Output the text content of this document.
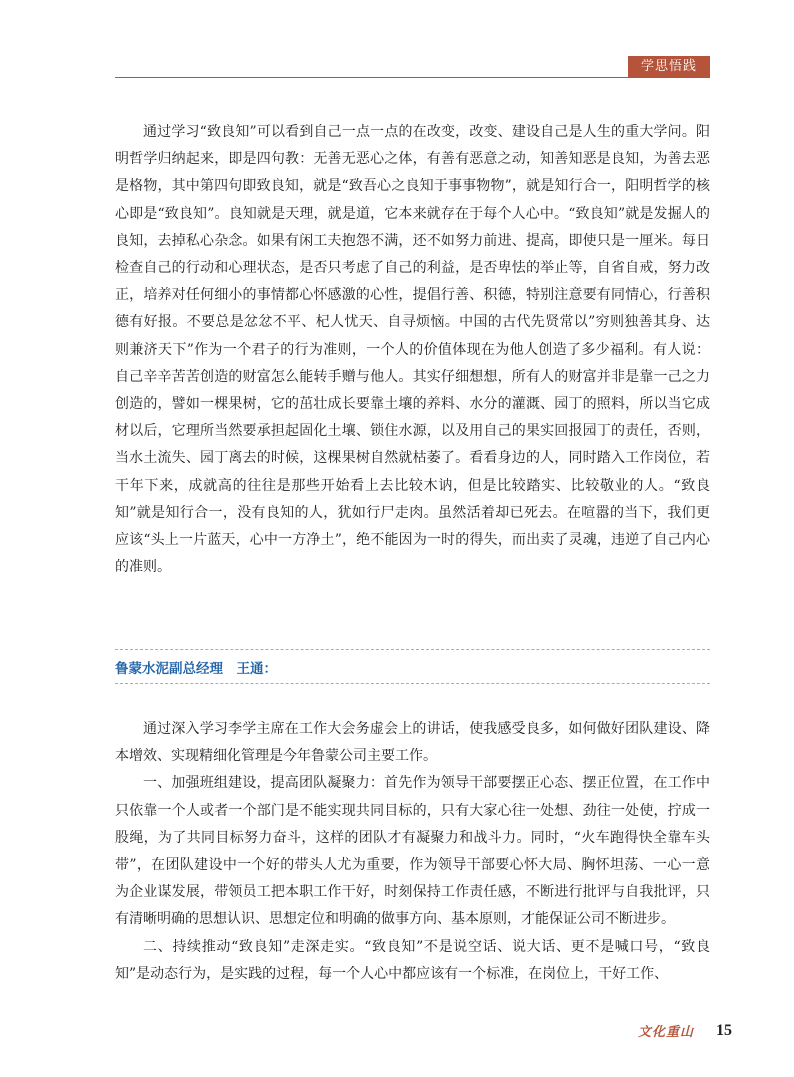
学思悟践

通过学习“致良知”可以看到自己一点一点的在改变，改变、建设自己是人生的重大学问。阳明哲学归纳起来，即是四句教：无善无恶心之体，有善有恶意之动，知善知恶是良知，为善去恶是格物，其中第四句即致良知，就是“致吾心之良知于事事物物”，就是知行合一，阳明哲学的核心即是“致良知”。良知就是天理，就是道，它本来就存在于每个人心中。“致良知”就是发掘人的良知，去掉私心杂念。如果有闲工夫抱怨不满，还不如努力前进、提高，即使只是一厘米。每日检查自己的行动和心理状态，是否只考虑了自己的利益，是否卑怯的举止等，自省自戒，努力改正，培养对任何细小的事情都心怀感激的心性，提倡行善、积德，特别注意要有同情心，行善积德有好报。不要总是忿忿不平、杞人忧天、自寻烦恼。中国的古代先贤常以”穷则独善其身、达则兼济天下”作为一个君子的行为准则，一个人的价值体现在为他人创造了多少福利。有人说：自己辛辛苦苦创造的财富怎么能转手赠与他人。其实仔细想想，所有人的财富并非是靠一己之力创造的，譬如一棵果树，它的茁壮成长要靠土壤的养料、水分的灌溉、园丁的照料，所以当它成材以后，它理所当然要承担起固化土壤、锁住水源，以及用自己的果实回报园丁的责任，否则，当水土流失、园丁离去的时候，这棵果树自然就枯萎了。看看身边的人，同时踏入工作岗位，若干年下来，成就高的往往是那些开始看上去比较木讷，但是比较踏实、比较敬业的人。“致良知”就是知行合一，没有良知的人，犹如行尸走肉。虽然活着却已死去。在喧嚣的当下，我们更应该“头上一片蓝天，心中一方净土”，绝不能因为一时的得失，而出卖了灵魂，违逆了自己内心的准则。

鲁蒙水泥副总经理　王通：

通过深入学习李学主席在工作大会务虚会上的讲话，使我感受良多，如何做好团队建设、降本增效、实现精细化管理是今年鲁蒙公司主要工作。

一、加强班组建设，提高团队凝聚力：首先作为领导干部要摆正心态、摆正位置，在工作中只依靠一个人或者一个部门是不能实现共同目标的，只有大家心往一处想、劲往一处使，拧成一股绳，为了共同目标努力奋斗，这样的团队才有凝聚力和战斗力。同时，“火车跑得快全靠车头带”，在团队建设中一个好的带头人尤为重要，作为领导干部要心怀大局、胸怀坦荡、一心一意为企业谋发展，带领员工把本职工作干好，时刻保持工作责任感，不断进行批评与自我批评，只有清晰明确的思想认识、思想定位和明确的做事方向、基本原则，才能保证公司不断进步。

二、持续推动“致良知”走深走实。“致良知”不是说空话、说大话、更不是喊口号，“致良知”是动态行为，是实践的过程，每一个人心中都应该有一个标准，在岗位上，干好工作、

文化重山 15
